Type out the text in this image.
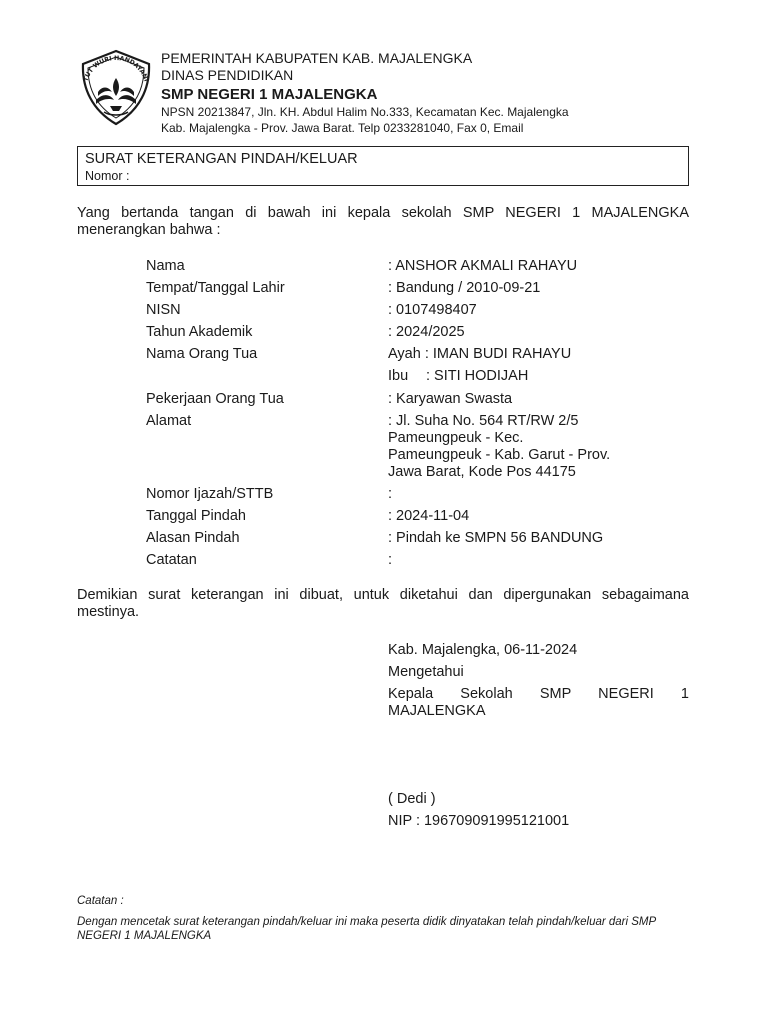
TUT WURI HANDAYANI
PEMERINTAH KABUPATEN KAB. MAJALENGKA
DINAS PENDIDIKAN
SMP NEGERI 1 MAJALENGKA
NPSN 20213847, Jln. KH. Abdul Halim No.333, Kecamatan Kec. Majalengka
Kab. Majalengka - Prov. Jawa Barat. Telp 0233281040, Fax 0, Email
SURAT KETERANGAN PINDAH/KELUAR
Nomor :
Yang bertanda tangan di bawah ini kepala sekolah SMP NEGERI 1 MAJALENGKA menerangkan bahwa :
Nama	: ANSHOR AKMALI RAHAYU
Tempat/Tanggal Lahir	: Bandung / 2010-09-21
NISN	: 0107498407
Tahun Akademik	: 2024/2025
Nama Orang Tua	Ayah : IMAN BUDI RAHAYU
Ibu : SITI HODIJAH
Pekerjaan Orang Tua	: Karyawan Swasta
Alamat	: Jl. Suha No. 564 RT/RW 2/5
Pameungpeuk - Kec.
Pameungpeuk - Kab. Garut - Prov.
Jawa Barat, Kode Pos 44175
Nomor Ijazah/STTB	:
Tanggal Pindah	: 2024-11-04
Alasan Pindah	: Pindah ke SMPN 56 BANDUNG
Catatan	:
Demikian surat keterangan ini dibuat, untuk diketahui dan dipergunakan sebagaimana mestinya.
Kab. Majalengka, 06-11-2024
Mengetahui
Kepala Sekolah SMP NEGERI 1
MAJALENGKA
( Dedi )
NIP : 196709091995121001
Catatan :
Dengan mencetak surat keterangan pindah/keluar ini maka peserta didik dinyatakan telah pindah/keluar dari SMP NEGERI 1 MAJALENGKA
